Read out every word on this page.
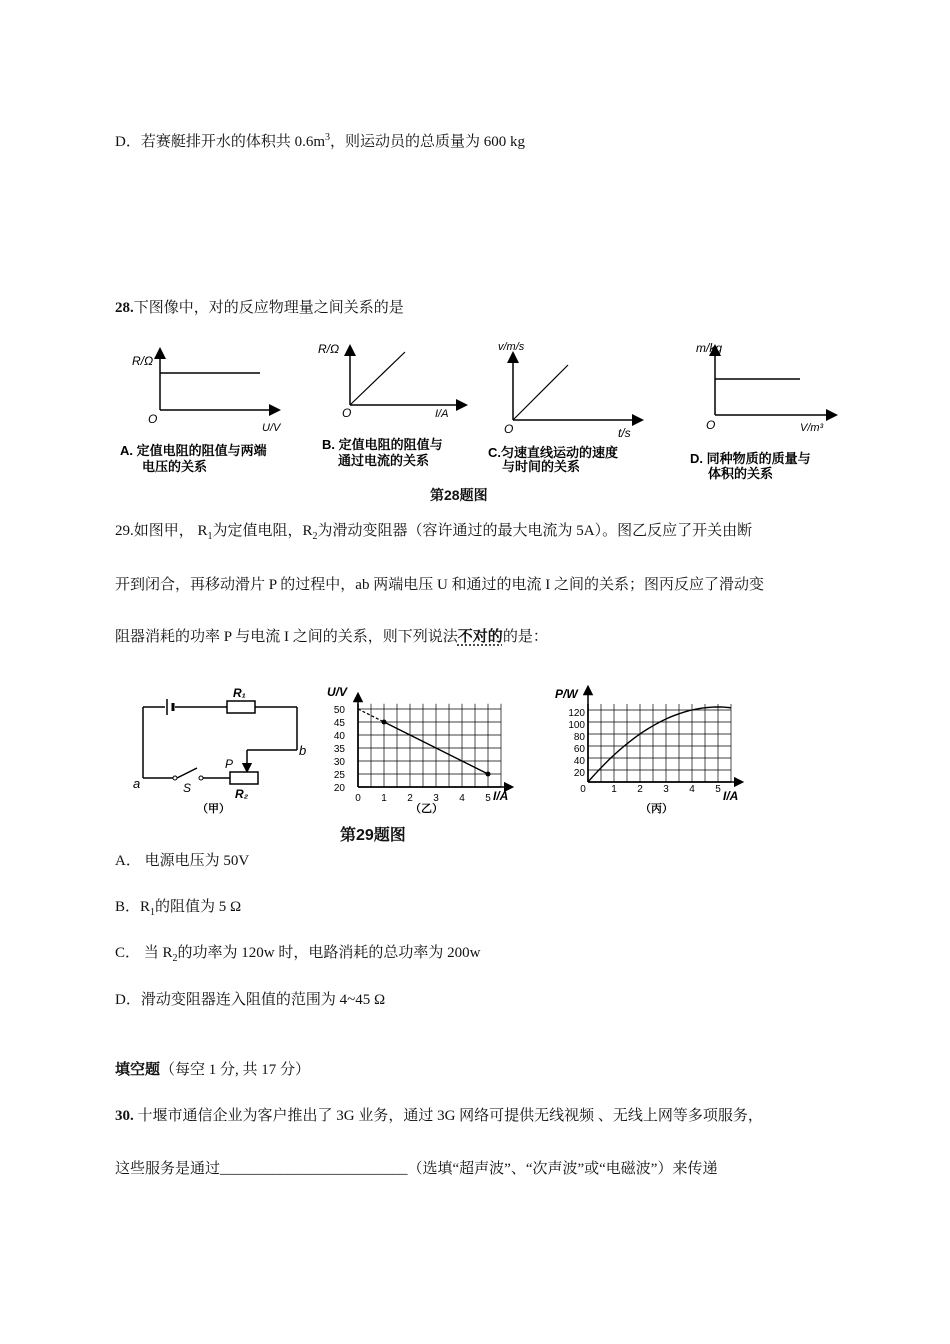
D．若赛艇排开水的体积共 $0.6m^3$，则运动员的总质量为 600 kg
28.下图像中，对的反应物理量之间关系的是
R/Ω
O
U/V
A. 定值电阻的阻值与两端
电压的关系
R/Ω
O	I/A
B. 定值电阻的阻值与
通过电流的关系
v/m/s
O	t/s
C.匀速直线运动的速度
与时间的关系
m/kg
O	V/m³
D. 同种物质的质量与
体积的关系
第28题图
29.如图甲， $R_1$为定值电阻，$R_2$为滑动变阻器（容许通过的最大电流为 5A）。图乙反应了开关由断
开到闭合，再移动滑片 P 的过程中，ab 两端电压 U 和通过的电流 I 之间的关系；图丙反应了滑动变
阻器消耗的功率 P 与电流 I 之间的关系，则下列说法不对的的是：
R₁
R₂
P
a
b
S
（甲）
U/V
I/A
（乙）
50
45
40
35
30
25
20
0 1 2 3 4 5
P/W
I/A
（丙）
120
100
80
60
40
20
0	1 2 3 4 5
第29题图
A． 电源电压为 50V
B．$R_1$的阻值为 5 Ω
C． 当 $R_2$的功率为 120w 时，电路消耗的总功率为 200w
D．滑动变阻器连入阻值的范围为 4~45 Ω
填空题（每空 1 分, 共 17 分）
30. 十堰市通信企业为客户推出了 3G 业务，通过 3G 网络可提供无线视频 、无线上网等多项服务，
这些服务是通过_________________________（选填“超声波”、“次声波”或“电磁波”）来传递
